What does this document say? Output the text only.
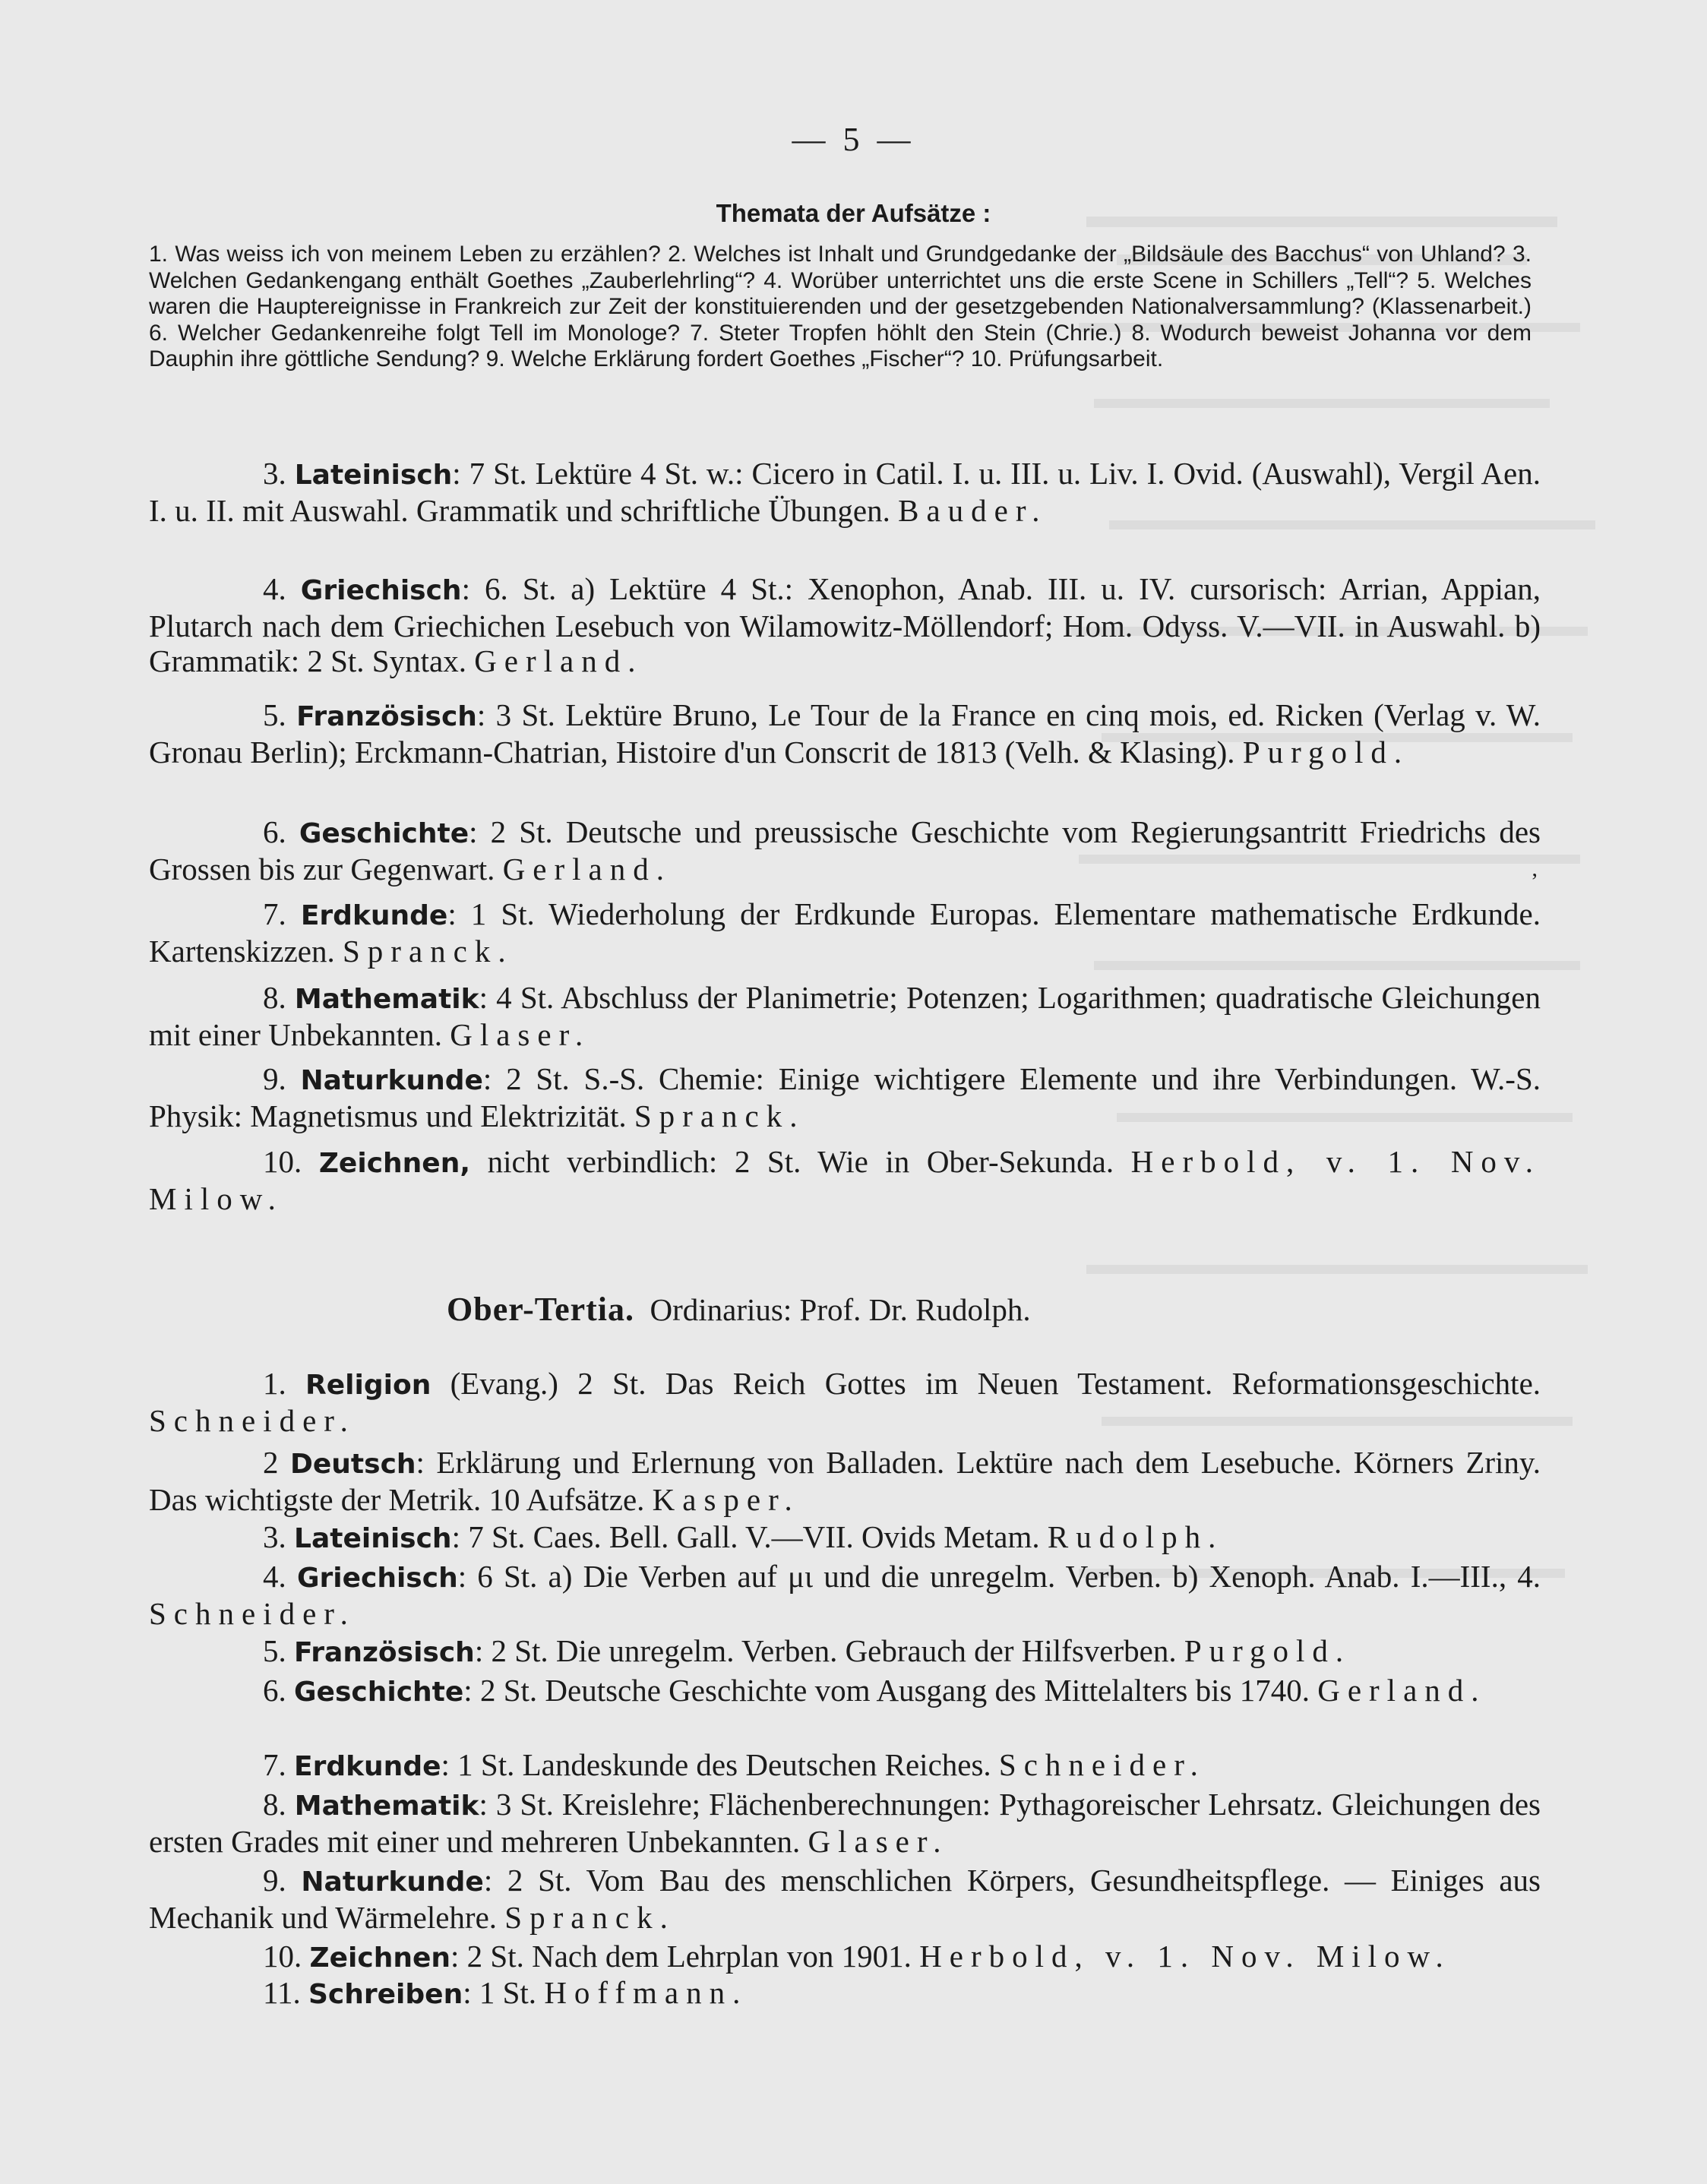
— 5 —
Themata der Aufsätze :

1. Was weiss ich von meinem Leben zu erzählen? 2. Welches ist Inhalt und Grundgedanke der „Bildsäule des Bacchus“ von Uhland? 3. Welchen Gedankengang enthält Goethes „Zauberlehrling“? 4. Worüber unterrichtet uns die erste Scene in Schillers „Tell“? 5. Welches waren die Hauptereignisse in Frankreich zur Zeit der konstituierenden und der gesetzgebenden Nationalversammlung? (Klassenarbeit.) 6. Welcher Gedankenreihe folgt Tell im Monologe? 7. Steter Tropfen höhlt den Stein (Chrie.) 8. Wodurch beweist Johanna vor dem Dauphin ihre göttliche Sendung? 9. Welche Erklärung fordert Goethes „Fischer“? 10. Prüfungsarbeit.

3. Lateinisch: 7 St. Lektüre 4 St. w.: Cicero in Catil. I. u. III. u. Liv. I. Ovid. (Auswahl), Vergil Aen. I. u. II. mit Auswahl. Grammatik und schriftliche Übungen. Bauder.

4. Griechisch: 6. St. a) Lektüre 4 St.: Xenophon, Anab. III. u. IV. cursorisch: Arrian, Appian, Plutarch nach dem Griechichen Lesebuch von Wilamowitz-Möllendorf; Hom. Odyss. V.—VII. in Auswahl. b) Grammatik: 2 St. Syntax. Gerland.

5. Französisch: 3 St. Lektüre Bruno, Le Tour de la France en cinq mois, ed. Ricken (Verlag v. W. Gronau Berlin); Erckmann-Chatrian, Histoire d'un Conscrit de 1813 (Velh. & Klasing). Purgold.

6. Geschichte: 2 St. Deutsche und preussische Geschichte vom Regierungsantritt Friedrichs des Grossen bis zur Gegenwart. Gerland.	‚

7. Erdkunde: 1 St. Wiederholung der Erdkunde Europas. Elementare mathematische Erdkunde. Kartenskizzen. Spranck.

8. Mathematik: 4 St. Abschluss der Planimetrie; Potenzen; Logarithmen; quadratische Gleichungen mit einer Unbekannten. Glaser.

9. Naturkunde: 2 St. S.-S. Chemie: Einige wichtigere Elemente und ihre Verbindungen. W.-S. Physik: Magnetismus und Elektrizität. Spranck.

10. Zeichnen, nicht verbindlich: 2 St. Wie in Ober-Sekunda. Herbold, v. 1. Nov. Milow.

Ober-Tertia. Ordinarius: Prof. Dr. Rudolph.

1. Religion (Evang.) 2 St. Das Reich Gottes im Neuen Testament. Reformationsgeschichte. Schneider.

2 Deutsch: Erklärung und Erlernung von Balladen. Lektüre nach dem Lesebuche. Körners Zriny. Das wichtigste der Metrik. 10 Aufsätze. Kasper.

3. Lateinisch: 7 St. Caes. Bell. Gall. V.—VII. Ovids Metam. Rudolph.

4. Griechisch: 6 St. a) Die Verben auf μι und die unregelm. Verben. b) Xenoph. Anab. I.—III., 4. Schneider.

5. Französisch: 2 St. Die unregelm. Verben. Gebrauch der Hilfsverben. Purgold.

6. Geschichte: 2 St. Deutsche Geschichte vom Ausgang des Mittelalters bis 1740. Gerland.

7. Erdkunde: 1 St. Landeskunde des Deutschen Reiches. Schneider.

8. Mathematik: 3 St. Kreislehre; Flächenberechnungen: Pythagoreischer Lehrsatz. Gleichungen des ersten Grades mit einer und mehreren Unbekannten. Glaser.

9. Naturkunde: 2 St. Vom Bau des menschlichen Körpers, Gesundheitspflege. — Einiges aus Mechanik und Wärmelehre. Spranck.

10. Zeichnen: 2 St. Nach dem Lehrplan von 1901. Herbold, v. 1. Nov. Milow.

11. Schreiben: 1 St. Hoffmann.
